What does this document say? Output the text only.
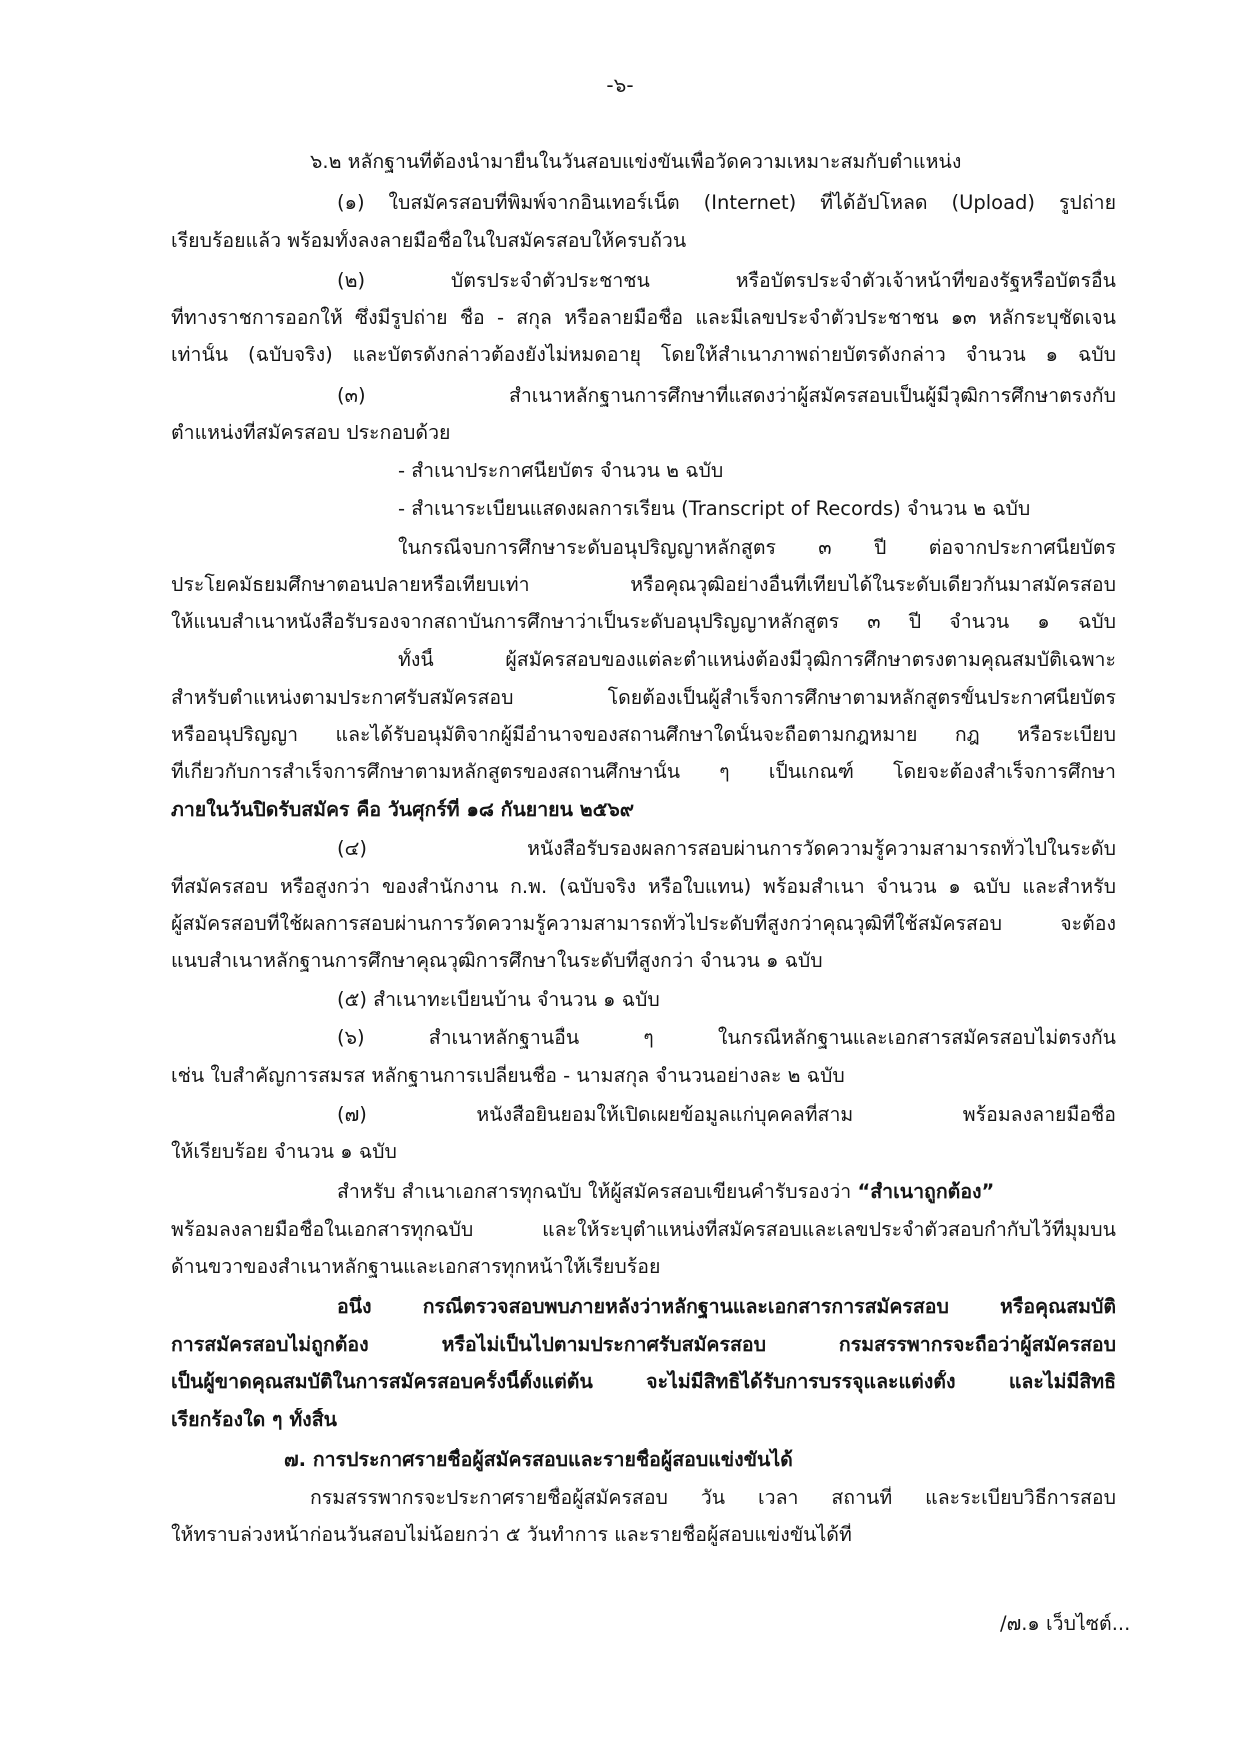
-๖-
๖.๒ หลักฐานที่ต้องนำมายื่นในวันสอบแข่งขันเพื่อวัดความเหมาะสมกับตำแหน่ง
(๑) ใบสมัครสอบที่พิมพ์จากอินเทอร์เน็ต (Internet) ที่ได้อัปโหลด (Upload) รูปถ่าย
เรียบร้อยแล้ว พร้อมทั้งลงลายมือชื่อในใบสมัครสอบให้ครบถ้วน
(๒) บัตรประจำตัวประชาชน หรือบัตรประจำตัวเจ้าหน้าที่ของรัฐหรือบัตรอื่น
ที่ทางราชการออกให้ ซึ่งมีรูปถ่าย ชื่อ - สกุล หรือลายมือชื่อ และมีเลขประจำตัวประชาชน ๑๓ หลักระบุชัดเจน
เท่านั้น (ฉบับจริง) และบัตรดังกล่าวต้องยังไม่หมดอายุ โดยให้สำเนาภาพถ่ายบัตรดังกล่าว จำนวน ๑ ฉบับ
(๓) สำเนาหลักฐานการศึกษาที่แสดงว่าผู้สมัครสอบเป็นผู้มีวุฒิการศึกษาตรงกับ
ตำแหน่งที่สมัครสอบ ประกอบด้วย
- สำเนาประกาศนียบัตร จำนวน ๒ ฉบับ
- สำเนาระเบียนแสดงผลการเรียน (Transcript of Records) จำนวน ๒ ฉบับ
ในกรณีจบการศึกษาระดับอนุปริญญาหลักสูตร ๓ ปี ต่อจากประกาศนียบัตร
ประโยคมัธยมศึกษาตอนปลายหรือเทียบเท่า หรือคุณวุฒิอย่างอื่นที่เทียบได้ในระดับเดียวกันมาสมัครสอบ
ให้แนบสำเนาหนังสือรับรองจากสถาบันการศึกษาว่าเป็นระดับอนุปริญญาหลักสูตร ๓ ปี จำนวน ๑ ฉบับ
ทั้งนี้ ผู้สมัครสอบของแต่ละตำแหน่งต้องมีวุฒิการศึกษาตรงตามคุณสมบัติเฉพาะ
สำหรับตำแหน่งตามประกาศรับสมัครสอบ โดยต้องเป็นผู้สำเร็จการศึกษาตามหลักสูตรขั้นประกาศนียบัตร
หรืออนุปริญญา และได้รับอนุมัติจากผู้มีอำนาจของสถานศึกษาใดนั้นจะถือตามกฎหมาย กฎ หรือระเบียบ
ที่เกี่ยวกับการสำเร็จการศึกษาตามหลักสูตรของสถานศึกษานั้น ๆ เป็นเกณฑ์ โดยจะต้องสำเร็จการศึกษา
ภายในวันปิดรับสมัคร คือ วันศุกร์ที่ ๑๘ กันยายน ๒๕๖๙
(๔) หนังสือรับรองผลการสอบผ่านการวัดความรู้ความสามารถทั่วไปในระดับ
ที่สมัครสอบ หรือสูงกว่า ของสำนักงาน ก.พ. (ฉบับจริง หรือใบแทน) พร้อมสำเนา จำนวน ๑ ฉบับ และสำหรับ
ผู้สมัครสอบที่ใช้ผลการสอบผ่านการวัดความรู้ความสามารถทั่วไประดับที่สูงกว่าคุณวุฒิที่ใช้สมัครสอบ จะต้อง
แนบสำเนาหลักฐานการศึกษาคุณวุฒิการศึกษาในระดับที่สูงกว่า จำนวน ๑ ฉบับ
(๕) สำเนาทะเบียนบ้าน จำนวน ๑ ฉบับ
(๖) สำเนาหลักฐานอื่น ๆ ในกรณีหลักฐานและเอกสารสมัครสอบไม่ตรงกัน
เช่น ใบสำคัญการสมรส หลักฐานการเปลี่ยนชื่อ - นามสกุล จำนวนอย่างละ ๒ ฉบับ
(๗) หนังสือยินยอมให้เปิดเผยข้อมูลแก่บุคคลที่สาม พร้อมลงลายมือชื่อ
ให้เรียบร้อย จำนวน ๑ ฉบับ
สำหรับ สำเนาเอกสารทุกฉบับ ให้ผู้สมัครสอบเขียนคำรับรองว่า “สำเนาถูกต้อง”
พร้อมลงลายมือชื่อในเอกสารทุกฉบับ และให้ระบุตำแหน่งที่สมัครสอบและเลขประจำตัวสอบกำกับไว้ที่มุมบน
ด้านขวาของสำเนาหลักฐานและเอกสารทุกหน้าให้เรียบร้อย
อนึ่ง กรณีตรวจสอบพบภายหลังว่าหลักฐานและเอกสารการสมัครสอบ หรือคุณสมบัติ
การสมัครสอบไม่ถูกต้อง หรือไม่เป็นไปตามประกาศรับสมัครสอบ กรมสรรพากรจะถือว่าผู้สมัครสอบ
เป็นผู้ขาดคุณสมบัติในการสมัครสอบครั้งนี้ตั้งแต่ต้น จะไม่มีสิทธิได้รับการบรรจุและแต่งตั้ง และไม่มีสิทธิ
เรียกร้องใด ๆ ทั้งสิ้น
๗. การประกาศรายชื่อผู้สมัครสอบและรายชื่อผู้สอบแข่งขันได้
กรมสรรพากรจะประกาศรายชื่อผู้สมัครสอบ วัน เวลา สถานที่ และระเบียบวิธีการสอบ
ให้ทราบล่วงหน้าก่อนวันสอบไม่น้อยกว่า ๕ วันทำการ และรายชื่อผู้สอบแข่งขันได้ที่
/๗.๑ เว็บไซต์...
